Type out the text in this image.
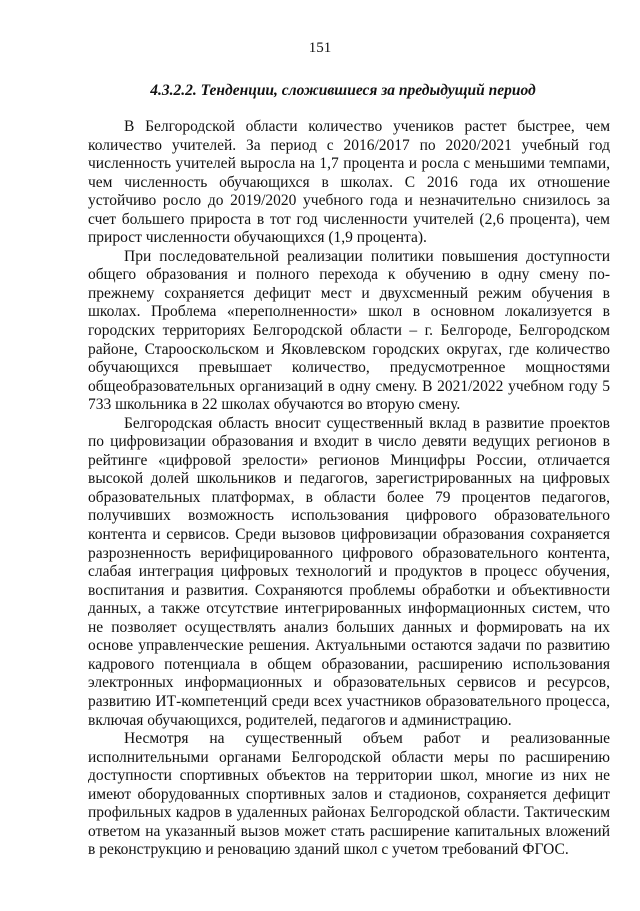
151
4.3.2.2. Тенденции, сложившиеся за предыдущий период

В Белгородской области количество учеников растет быстрее, чем количество учителей. За период с 2016/2017 по 2020/2021 учебный год численность учителей выросла на 1,7 процента и росла с меньшими темпами, чем численность обучающихся в школах. С 2016 года их отношение устойчиво росло до 2019/2020 учебного года и незначительно снизилось за счет большего прироста в тот год численности учителей (2,6 процента), чем прирост численности обучающихся (1,9 процента).

При последовательной реализации политики повышения доступности общего образования и полного перехода к обучению в одну смену по-прежнему сохраняется дефицит мест и двухсменный режим обучения в школах. Проблема «переполненности» школ в основном локализуется в городских территориях Белгородской области – г. Белгороде, Белгородском районе, Старооскольском и Яковлевском городских округах, где количество обучающихся превышает количество, предусмотренное мощностями общеобразовательных организаций в одну смену. В 2021/2022 учебном году 5 733 школьника в 22 школах обучаются во вторую смену.

Белгородская область вносит существенный вклад в развитие проектов по цифровизации образования и входит в число девяти ведущих регионов в рейтинге «цифровой зрелости» регионов Минцифры России, отличается высокой долей школьников и педагогов, зарегистрированных на цифровых образовательных платформах, в области более 79 процентов педагогов, получивших возможность использования цифрового образовательного контента и сервисов. Среди вызовов цифровизации образования сохраняется разрозненность верифицированного цифрового образовательного контента, слабая интеграция цифровых технологий и продуктов в процесс обучения, воспитания и развития. Сохраняются проблемы обработки и объективности данных, а также отсутствие интегрированных информационных систем, что не позволяет осуществлять анализ больших данных и формировать на их основе управленческие решения. Актуальными остаются задачи по развитию кадрового потенциала в общем образовании, расширению использования электронных информационных и образовательных сервисов и ресурсов, развитию ИТ-компетенций среди всех участников образовательного процесса, включая обучающихся, родителей, педагогов и администрацию.

Несмотря на существенный объем работ и реализованные исполнительными органами Белгородской области меры по расширению доступности спортивных объектов на территории школ, многие из них не имеют оборудованных спортивных залов и стадионов, сохраняется дефицит профильных кадров в удаленных районах Белгородской области. Тактическим ответом на указанный вызов может стать расширение капитальных вложений в реконструкцию и реновацию зданий школ с учетом требований ФГОС.
